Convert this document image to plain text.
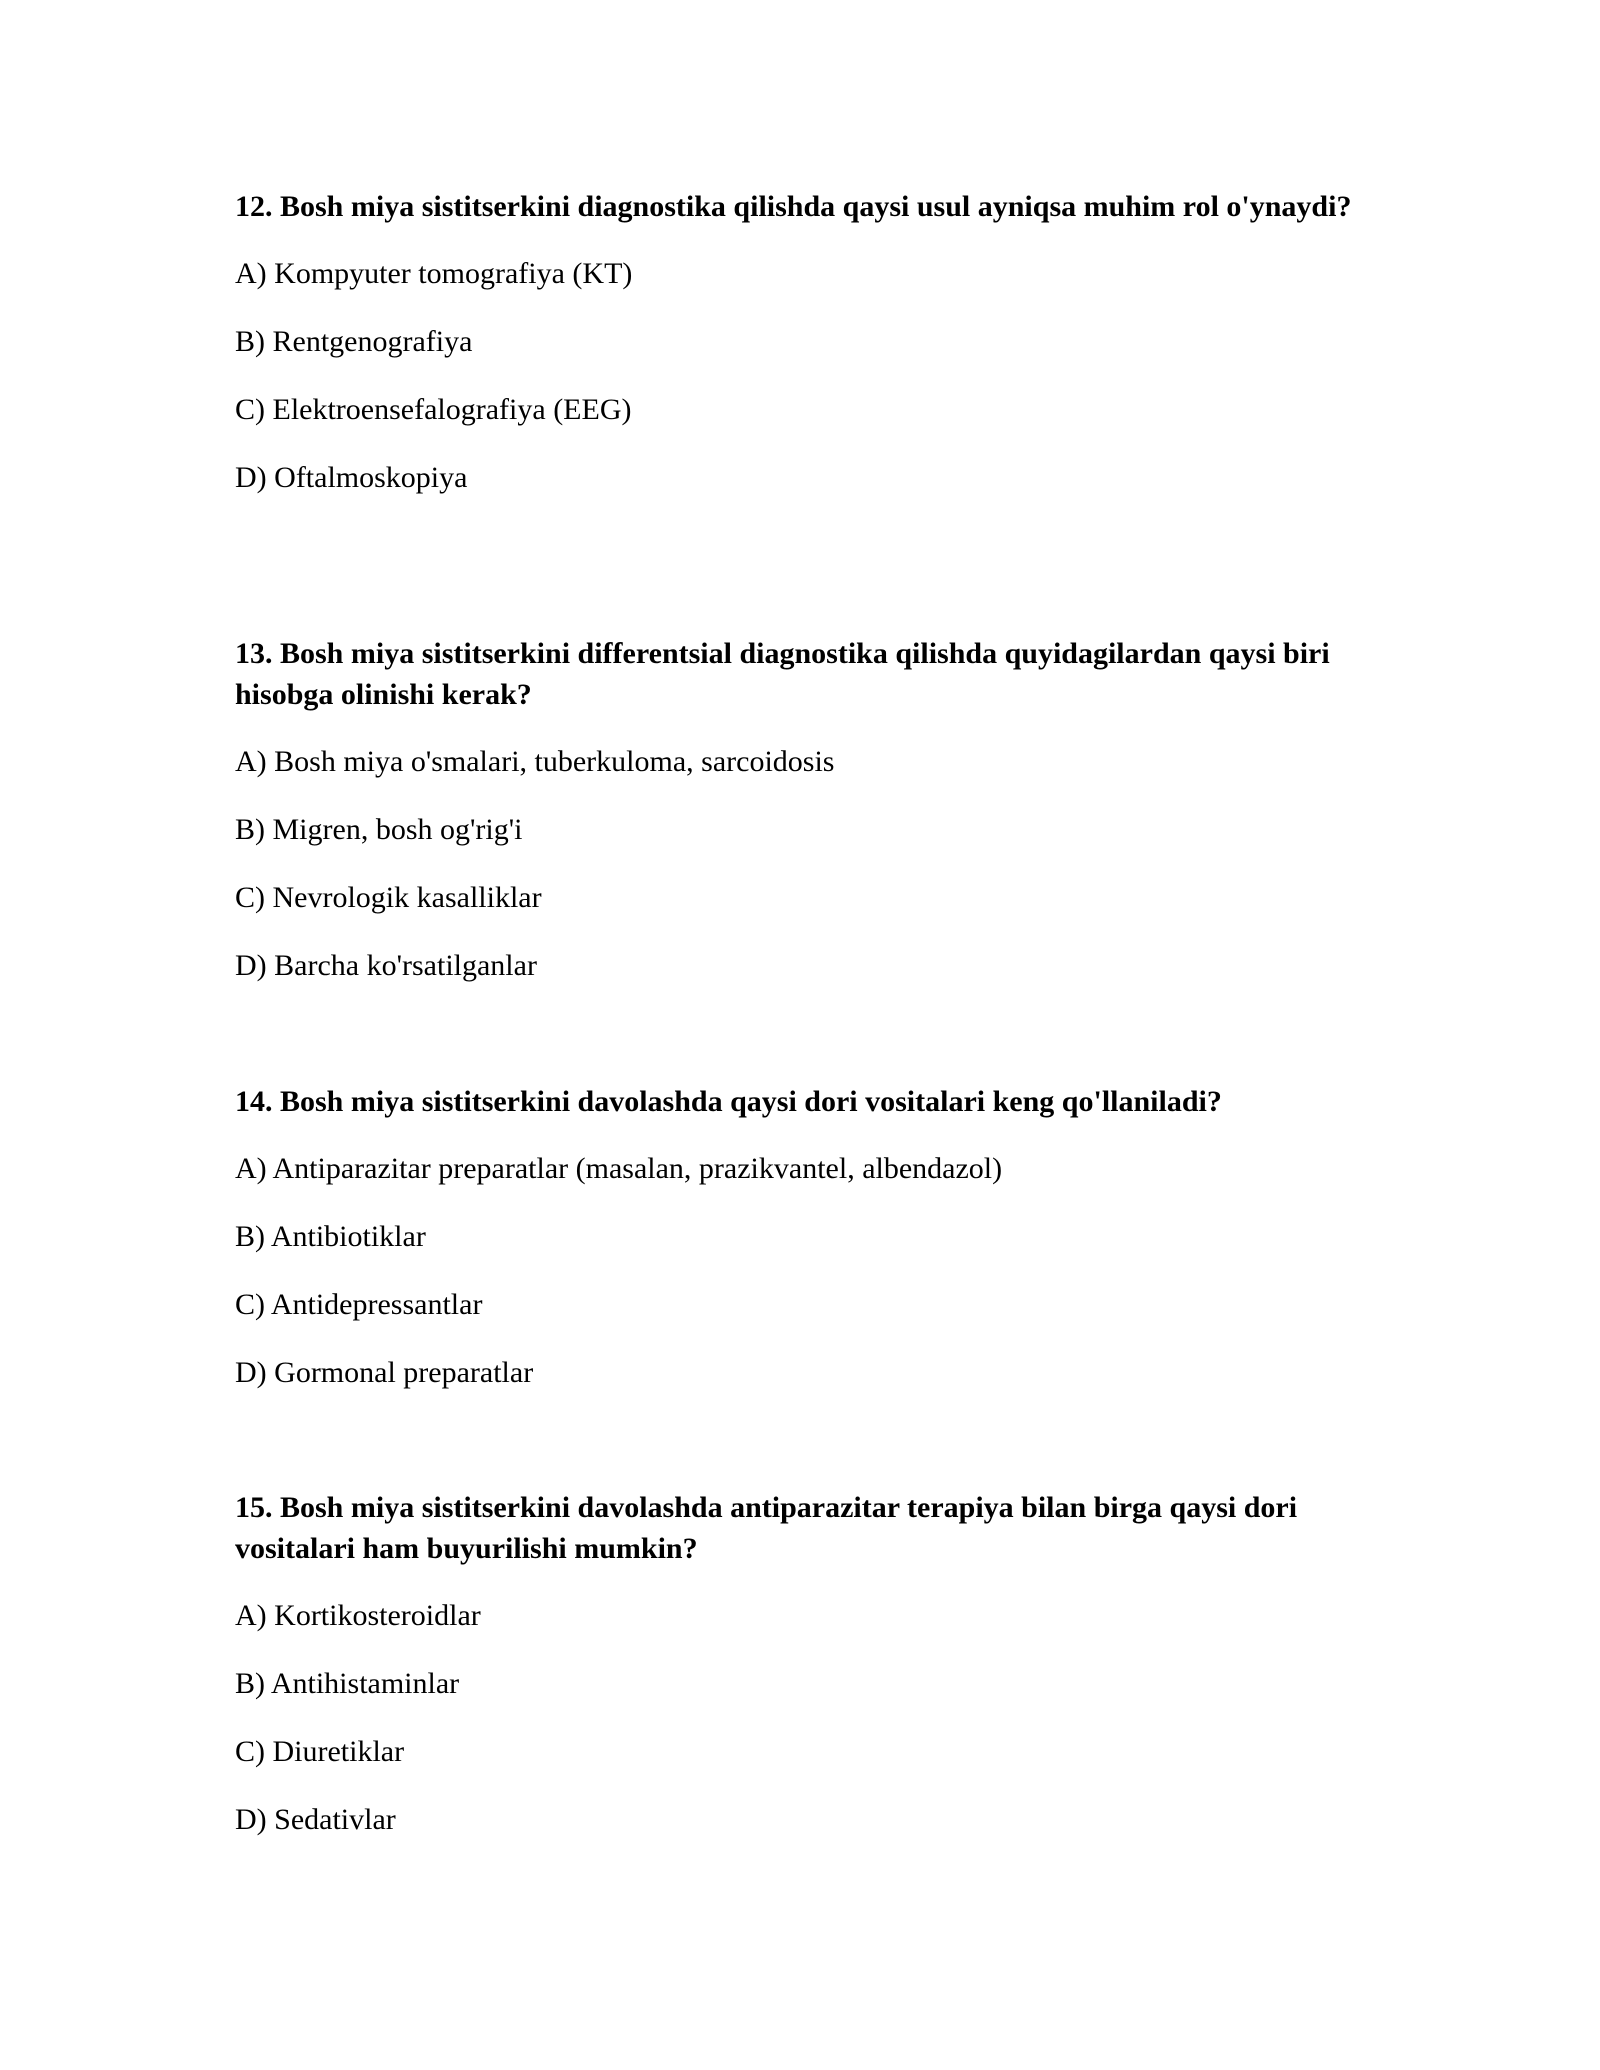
12. Bosh miya sistitserkini diagnostika qilishda qaysi usul ayniqsa muhim rol o'ynaydi?

A) Kompyuter tomografiya (KT)

B) Rentgenografiya

C) Elektroensefalografiya (EEG)

D) Oftalmoskopiya

13. Bosh miya sistitserkini differentsial diagnostika qilishda quyidagilardan qaysi biri hisobga olinishi kerak?

A) Bosh miya o'smalari, tuberkuloma, sarcoidosis

B) Migren, bosh og'rig'i

C) Nevrologik kasalliklar

D) Barcha ko'rsatilganlar

14. Bosh miya sistitserkini davolashda qaysi dori vositalari keng qo'llaniladi?

A) Antiparazitar preparatlar (masalan, prazikvantel, albendazol)

B) Antibiotiklar

C) Antidepressantlar

D) Gormonal preparatlar

15. Bosh miya sistitserkini davolashda antiparazitar terapiya bilan birga qaysi dori vositalari ham buyurilishi mumkin?

A) Kortikosteroidlar

B) Antihistaminlar

C) Diuretiklar

D) Sedativlar
